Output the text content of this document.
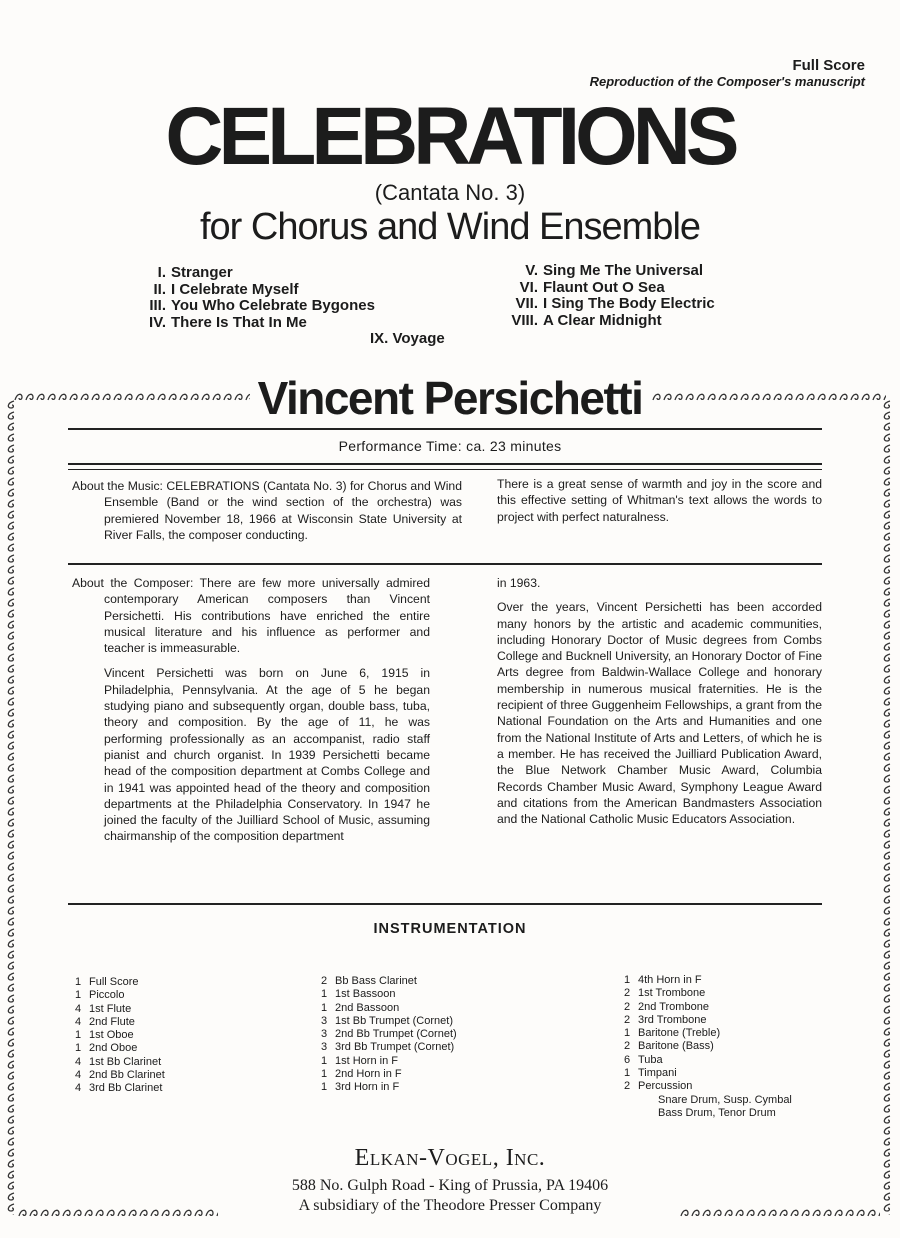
Full Score
Reproduction of the Composer's manuscript
CELEBRATIONS
(Cantata No. 3)
for Chorus and Wind Ensemble
I. Stranger
II. I Celebrate Myself
III. You Who Celebrate Bygones
IV. There Is That In Me
V. Sing Me The Universal
VI. Flaunt Out O Sea
VII. I Sing The Body Electric
VIII. A Clear Midnight
IX. Voyage
Vincent Persichetti
Performance Time: ca. 23 minutes
About the Music: CELEBRATIONS (Cantata No. 3) for Chorus and Wind Ensemble (Band or the wind section of the orchestra) was premiered November 18, 1966 at Wisconsin State University at River Falls, the composer conducting.
There is a great sense of warmth and joy in the score and this effective setting of Whitman's text allows the words to project with perfect naturalness.
About the Composer: There are few more universally admired contemporary American composers than Vincent Persichetti. His contributions have enriched the entire musical literature and his influence as performer and teacher is immeasurable.
Vincent Persichetti was born on June 6, 1915 in Philadelphia, Pennsylvania. At the age of 5 he began studying piano and subsequently organ, double bass, tuba, theory and composition. By the age of 11, he was performing professionally as an accompanist, radio staff pianist and church organist. In 1939 Persichetti became head of the composition department at Combs College and in 1941 was appointed head of the theory and composition departments at the Philadelphia Conservatory. In 1947 he joined the faculty of the Juilliard School of Music, assuming chairmanship of the composition department
in 1963.
Over the years, Vincent Persichetti has been accorded many honors by the artistic and academic communities, including Honorary Doctor of Music degrees from Combs College and Bucknell University, an Honorary Doctor of Fine Arts degree from Baldwin-Wallace College and honorary membership in numerous musical fraternities. He is the recipient of three Guggenheim Fellowships, a grant from the National Foundation on the Arts and Humanities and one from the National Institute of Arts and Letters, of which he is a member. He has received the Juilliard Publication Award, the Blue Network Chamber Music Award, Columbia Records Chamber Music Award, Symphony League Award and citations from the American Bandmasters Association and the National Catholic Music Educators Association.
INSTRUMENTATION
1 Full Score
1 Piccolo
4 1st Flute
4 2nd Flute
1 1st Oboe
1 2nd Oboe
4 1st Bb Clarinet
4 2nd Bb Clarinet
4 3rd Bb Clarinet
2 Bb Bass Clarinet
1 1st Bassoon
1 2nd Bassoon
3 1st Bb Trumpet (Cornet)
3 2nd Bb Trumpet (Cornet)
3 3rd Bb Trumpet (Cornet)
1 1st Horn in F
1 2nd Horn in F
1 3rd Horn in F
1 4th Horn in F
2 1st Trombone
2 2nd Trombone
2 3rd Trombone
1 Baritone (Treble)
2 Baritone (Bass)
6 Tuba
1 Timpani
2 Percussion
Snare Drum, Susp. Cymbal
Bass Drum, Tenor Drum
Elkan-Vogel, Inc.
588 No. Gulph Road - King of Prussia, PA 19406
A subsidiary of the Theodore Presser Company
